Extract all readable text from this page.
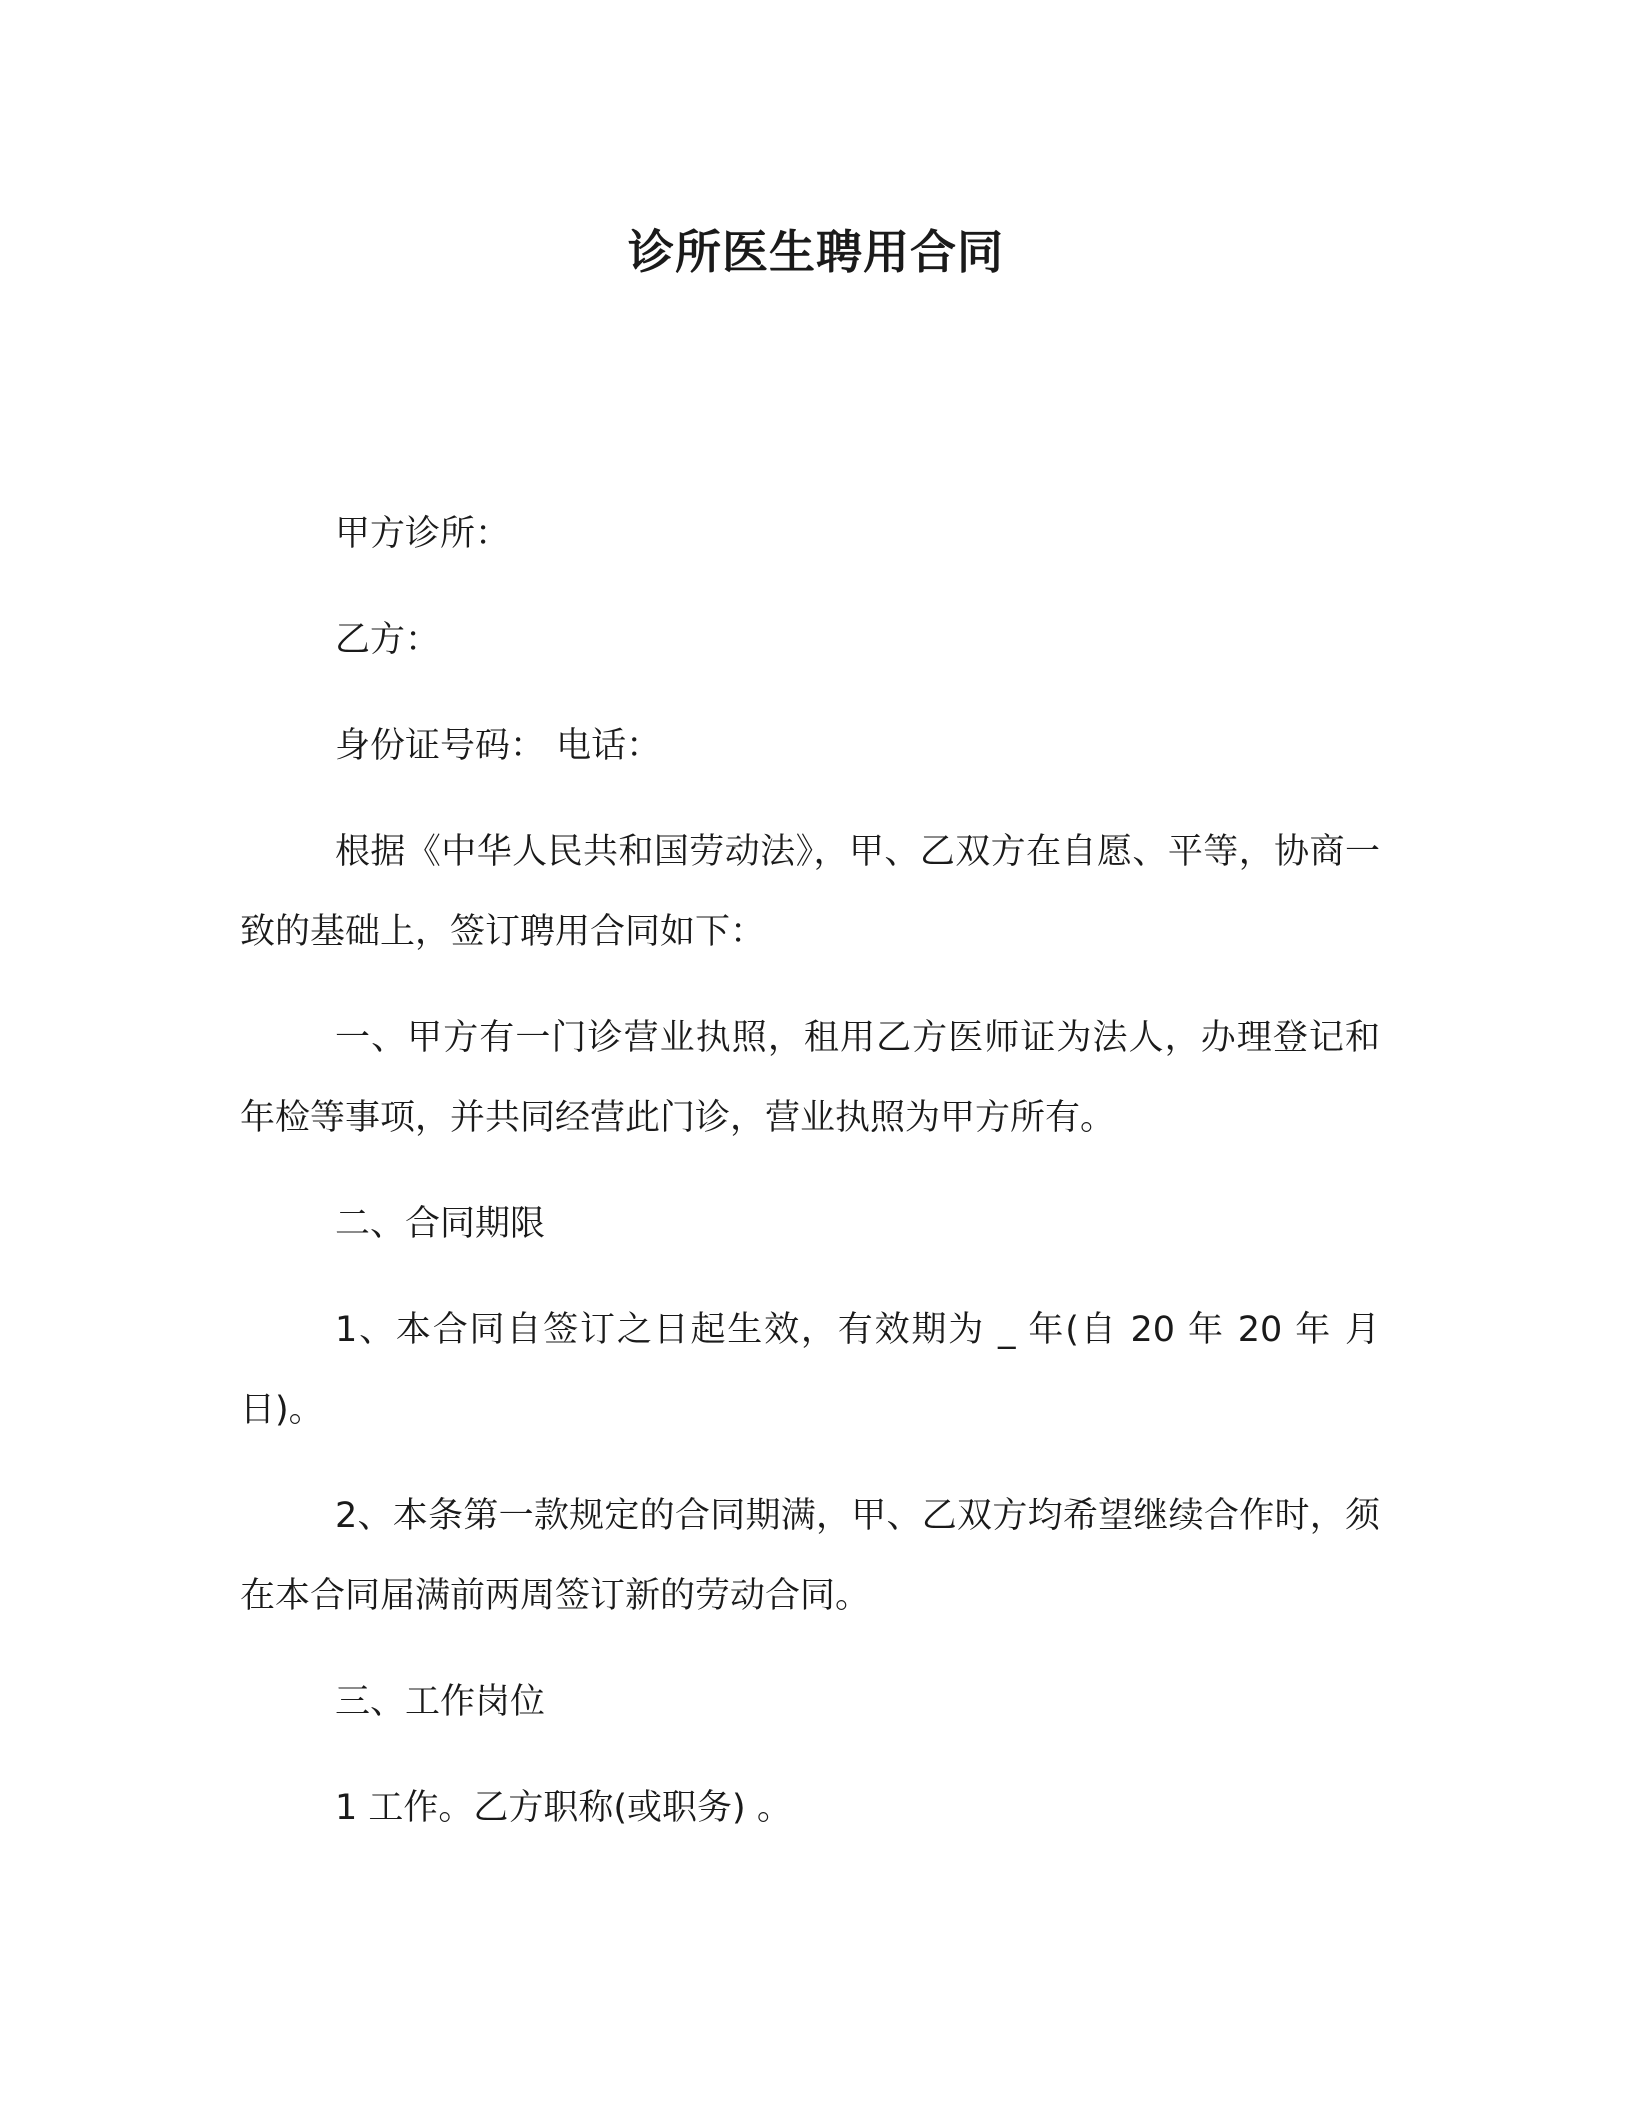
诊所医生聘用合同

甲方诊所：

乙方：

身份证号码： 电话：

根据《中华人民共和国劳动法》，甲、乙双方在自愿、平等，协商一致的基础上，签订聘用合同如下：

一、甲方有一门诊营业执照，租用乙方医师证为法人，办理登记和年检等事项，并共同经营此门诊，营业执照为甲方所有。

二、合同期限

1、本合同自签订之日起生效，有效期为 _ 年(自 20 年 20 年 月日)。

2、本条第一款规定的合同期满，甲、乙双方均希望继续合作时，须在本合同届满前两周签订新的劳动合同。

三、工作岗位

1 工作。乙方职称(或职务) 。
